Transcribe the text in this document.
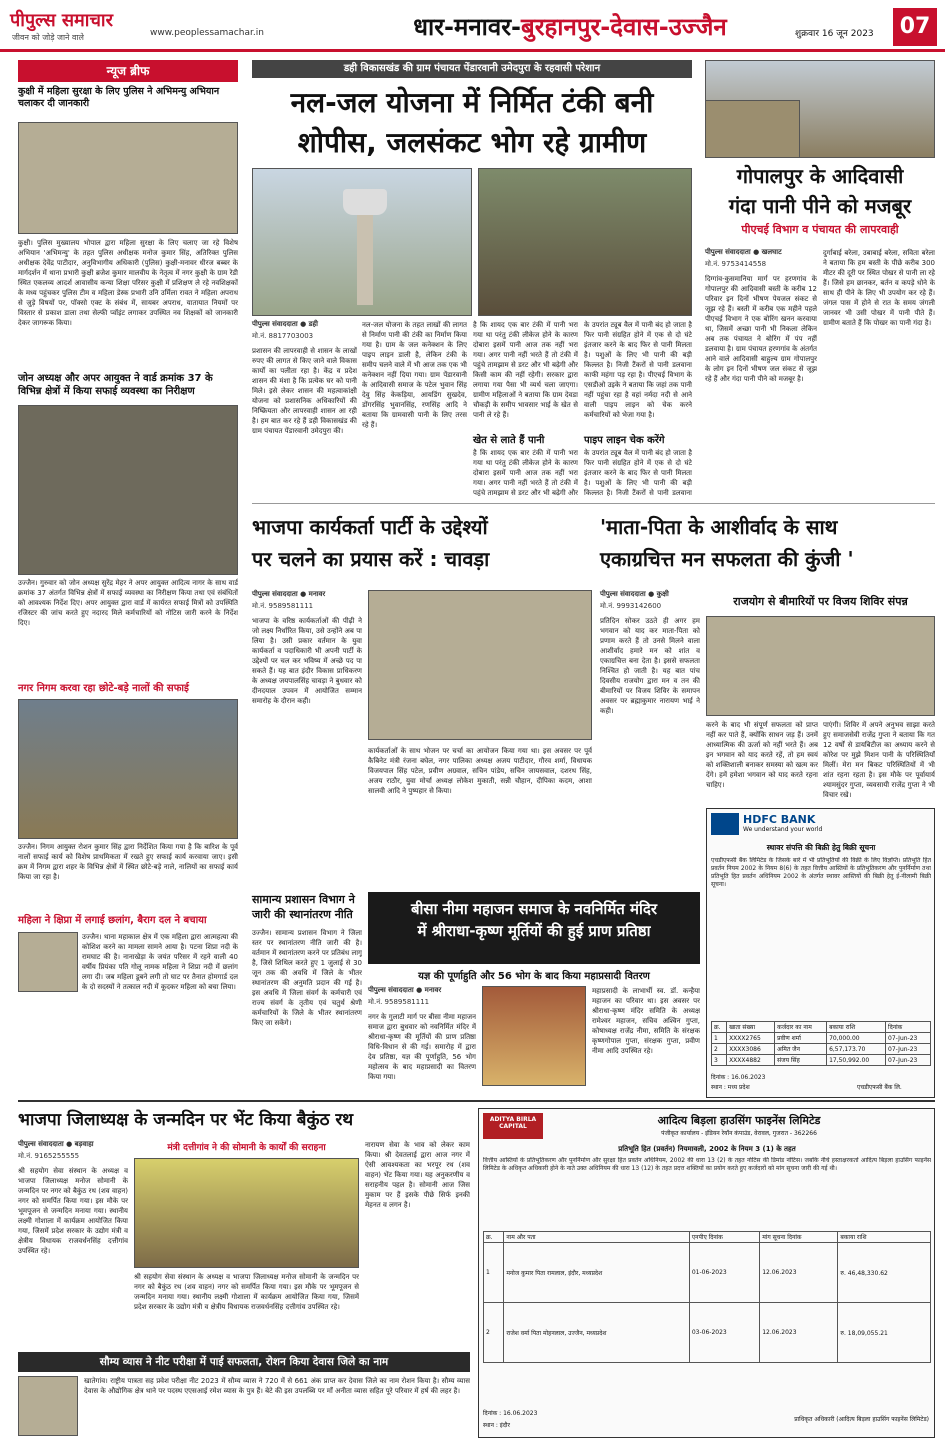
पीपुल्स समाचार
जीवन को जोड़े जाने वाले	www.peoplessamachar.in	धार-मनावर-बुरहानपुर-देवास-उज्जैन	शुक्रवार 16 जून 2023	07
न्यूज ब्रीफ
कुक्षी में महिला सुरक्षा के लिए पुलिस ने अभिमन्यु अभियान चलाकर दी जानकारी
कुक्षी। पुलिस मुख्यालय भोपाल द्वारा महिला सुरक्षा के लिए चलाए जा रहे विशेष अभियान 'अभिमन्यु' के तहत पुलिस अधीक्षक मनोज कुमार सिंह, अतिरिक्त पुलिस अधीक्षक देवेंद्र पाटीदार, अनुविभागीय अधिकारी (पुलिस) कुक्षी-मनावर धीरज बब्बर के मार्गदर्शन में थाना प्रभारी कुक्षी ब्रजेश कुमार मालवीय के नेतृत्व में नगर कुक्षी के ग्राम रेडी स्थित एकलव्य आदर्श आवासीय कन्या शिक्षा परिसर कुक्षी में प्रशिक्षण ले रहे नवशिक्षकों के मध्य पहुंचकर पुलिस टीम व महिला डेस्क प्रभारी उनि उर्मिला रावत ने महिला अपराध से जुड़े विषयों पर, पॉक्सो एक्ट के संबंध में, सायबर अपराध, यातायात नियमों पर विस्तार से प्रकाश डाला तथा सेल्फी प्वॉइंट लगाकर उपस्थित नव शिक्षकों को जानकारी देकर जागरूक किया।
जोन अध्यक्ष और अपर आयुक्त ने वार्ड क्रमांक 37 के विभिन्न क्षेत्रों में किया सफाई व्यवस्था का निरीक्षण
उज्जैन। गुरुवार को जोन अध्यक्ष सुरेंद्र मेहर ने अपर आयुक्त आदित्य नागर के साथ वार्ड क्रमांक 37 अंतर्गत विभिन्न क्षेत्रों में सफाई व्यवस्था का निरीक्षण किया तथा एवं संबंधितों को आवश्यक निर्देश दिए। अपर आयुक्त द्वारा वार्ड में कार्यरत सफाई मित्रों को उपस्थिति रजिस्टर की जांच करते हुए नदारद मिले कर्मचारियों को नोटिस जारी करने के निर्देश दिए।
नगर निगम करवा रहा छोटे-बड़े नालों की सफाई
उज्जैन। निगम आयुक्त रोशन कुमार सिंह द्वारा निर्देशित किया गया है कि बारिश के पूर्व नालों सफाई कार्य को विशेष प्राथमिकता में रखते हुए सफाई कार्य करवाया जाए। इसी क्रम में निगम द्वारा शहर के विभिन्न क्षेत्रों में स्थित छोटे-बड़े नाले, नालियों का सफाई कार्य किया जा रहा है।
महिला ने क्षिप्रा में लगाई छलांग, बैराग दल ने बचाया
उज्जैन। थाना महाकाल क्षेत्र में एक महिला द्वारा आत्महत्या की कोशिश करने का मामला सामने आया है। पटना शिप्रा नदी के रामघाट की है। नानाखेड़ा के जयंत परिसर में रहने वाली 40 वर्षीय प्रियंका पति गोलू नामक महिला ने शिप्रा नदी में छलांग लगा दी। जब महिला डूबने लगी तो घाट पर तैनात होमगार्ड दल के दो सदस्यों ने तत्काल नदी में कूदकर महिला को बचा लिया।
डही विकासखंड की ग्राम पंचायत पेंडारवानी उमेदपुरा के रहवासी परेशान
नल-जल योजना में निर्मित टंकी बनी
शोपीस, जलसंकट भोग रहे ग्रामीण
पीपुल्स संवाददाता ● डही
मो.नं. 8817703003
प्रशासन की लापरवाही से शासन के लाखों रुपए की लागत से किए जाने वाले विकास कार्यों का पलीता रहा है। केंद्र व प्रदेश शासन की मंशा है कि प्रत्येक घर को पानी मिले। इसे लेकर शासन की महत्वाकांक्षी योजना को प्रशासनिक अधिकारियों की निष्क्रियता और लापरवाही शासन आ रही है। हम बात कर रहे हैं डही विकासखंड की ग्राम पंचायत पेंडारवानी उमेदपुरा की।
नल-जल योजना के तहत लाखों की लागत से निर्माण पानी की टंकी का निर्माण किया गया है। ग्राम के जल कनेक्शन के लिए पाइप लाइन डाली है, लेकिन टंकी के समीप चलने वाले में भी आज तक एक भी कनेक्शन नहीं दिया गया। ग्राम पेंडारवानी के आदिवासी समाज के पटेल भुवान सिंह देवु सिंह केकड़िया, आयडिंग सुखदेव, डोंगरसिंह भुवानसिंह, रणसिंह आदि ने बताया कि ग्रामवासी पानी के लिए तरस रहे हैं।
है कि शायद एक बार टंकी में पानी भरा गया था परंतु टंकी लीकेज होने के कारण दोबारा इसमें पानी आज तक नहीं भरा गया। अगर पानी नहीं भरते हैं तो टंकी में पहुंचे तामझाम से डरट और भी बढ़ेगी और किसी काम की नहीं रहेगी। सरकार द्वारा लगाया गया पैसा भी व्यर्थ चला जाएगा। ग्रामीण महिलाओं ने बताया कि ग्राम देवडा चौकड़ी के समीप भावसार भाई के खेत से पानी ले रहे हैं।
खेत से लाते हैं पानी
है कि शायद एक बार टंकी में पानी भरा गया था परंतु टंकी लीकेज होने के कारण दोबारा इसमें पानी आज तक नहीं भरा गया। अगर पानी नहीं भरते हैं तो टंकी में पहुंचे तामझाम से डरट और भी बढ़ेगी और
के उपरांत ट्यूब वैल में पानी बंद हो जाता है फिर पानी संग्रहित होने में एक से दो घंटे इंतजार करने के बाद फिर से पानी मिलता है। पशुओं के लिए भी पानी की बड़ी किल्लत है। निजी टैंकरों से पानी डलवाना काफी महंगा पड़ रहा है। पीएचई विभाग के एसडीओ उइके ने बताया कि जहां तक पानी नहीं पहुंचा रहा है वहां नर्मदा नदी से आने वाली पाइप लाइन को चेक करने कर्मचारियों को भेजा गया है।
पाइप लाइन चेक करेंगे
के उपरांत ट्यूब वैल में पानी बंद हो जाता है फिर पानी संग्रहित होने में एक से दो घंटे इंतजार करने के बाद फिर से पानी मिलता है। पशुओं के लिए भी पानी की बड़ी किल्लत है। निजी टैंकरों से पानी डलवाना
गोपालपुर के आदिवासी
गंदा पानी पीने को मजबूर
पीएचई विभाग व पंचायत की लापरवाही
पीपुल्स संवाददाता ● खलघाट
मो.नं. 9753414558
दिग्गांव-कुसमानिया मार्ग पर हरणगांव के गोपालपुर की आदिवासी बस्ती के करीब 12 परिवार इन दिनों भीषण पेयजल संकट से जूझ रहे हैं। बस्ती में करीब एक महीने पहले पीएचई विभाग ने एक बोरिंग खनन करवाया था, जिसमें अच्छा पानी भी निकला लेकिन अब तक पंचायत ने बोरिंग में पंप नहीं डलवाया है। ग्राम पंचायत हरणगांव के अंतर्गत आने वाले आदिवासी बाहुल्य ग्राम गोपालपुर के लोग इन दिनों भीषण जल संकट से जूझ रहे हैं और गंदा पानी पीने को मजबूर है।
दुर्गाबाई बरेला, उबाबाई बरेला, सविता बरेला ने बताया कि हम बस्ती के पीछे करीब 300 मीटर की दूरी पर स्थित पोखर से पानी ला रहे हैं। जिसे हम छानकर, बर्तन व कपड़े धोने के साथ ही पीने के लिए भी उपयोग कर रहे हैं। जंगल पास में होने से रात के समय जंगली जानवर भी उसी पोखर में पानी पीते हैं। ग्रामीण बताते हैं कि पोखर का पानी गंदा है।
भाजपा कार्यकर्ता पार्टी के उद्देश्यों
पर चलने का प्रयास करें : चावड़ा
पीपुल्स संवाददाता ● मनावर
मो.नं. 9589581111
भाजपा के वरिष्ठ कार्यकर्ताओं की पीढ़ी ने जो लक्ष्य निर्धारित किया, उसे उन्होंने अब पा लिया है। उसी प्रकार वर्तमान के युवा कार्यकर्ता व पदाधिकारी भी अपनी पार्टी के उद्देश्यों पर चल कर भविष्य में अच्छे पद पा सकते हैं। यह बात इंदौर विकास प्राधिकरण के अध्यक्ष जयपालसिंह चावड़ा ने बुधवार को दीनदयाल उपवन में आयोजित सम्मान समारोह के दौरान कही।
कार्यकर्ताओं के साथ भोजन पर चर्चा का आयोजन किया गया था। इस अवसर पर पूर्व कैबिनेट मंत्री रंजना बघेल, नगर पालिका अध्यक्ष अजय पाटीदार, गौरव शर्मा, विधायक विजयपाल सिंह पटेल, प्रवीण अग्रवाल, सचिन पांडेय, सचिन जायसवाल, दशरथ सिंह, अजय राठौर, युवा मोर्चा अध्यक्ष लोकेश मुकाती, सन्नी चौहान, दीपिका कदम, आशा सालवी आदि ने पुष्पहार से किया।
'माता-पिता के आशीर्वाद के साथ
एकाग्रचित्त मन सफलता की कुंजी '
पीपुल्स संवाददाता ● कुक्षी
मो.नं. 9993142600
प्रतिदिन सोकर उठते ही अगर हम भगवान को याद कर माता-पिता को प्रणाम करते हैं तो उनसे मिलने वाला आशीर्वाद हमारे मन को शांत व एकाग्रचित्त बना देता है। इससे सफलता निश्चित हो जाती है। यह बात पांच दिवसीय राजयोग द्वारा मन व तन की बीमारियों पर विजय शिविर के समापन अवसर पर ब्रह्माकुमार नारायण भाई ने कही।
राजयोग से बीमारियों पर विजय शिविर संपन्न
करने के बाद भी संपूर्ण सफलता को प्राप्त नहीं कर पाते हैं, क्योंकि साधन जड़ हैं। उनमें आध्यात्मिक की ऊर्जा को नहीं भरते हैं। अब इन भगवान को याद करते रहें, तो हम स्वयं को शक्तिशाली बनाकर समस्या को खत्म कर देंगे। हमें हमेशा भगवान को याद करते रहना चाहिए।
पाएंगी। शिविर में अपने अनुभव साझा करते हुए समाजसेवी राजेंद्र गुप्ता ने बताया कि गत 12 वर्षों से डायबिटीज का अध्याय करने से कोरेश पर मुझे मिशन पानी के परिस्थितियाँ मिलीं। मेरा मन बिकट परिस्थितियों में भी शांत रहना रहता है। इस मौके पर पूर्वायार्य श्यामसुंदर गुप्ता, व्यवसायी राजेंद्र गुप्ता ने भी विचार रखे।
सामान्य प्रशासन विभाग ने
जारी की स्थानांतरण नीति
उज्जैन। सामान्य प्रशासन विभाग ने जिला स्तर पर स्थानांतरण नीति जारी की है। वर्तमान में स्थानांतरण करने पर प्रतिबंध लागू है, जिसे शिथिल करते हुए 1 जुलाई से 30 जून तक की अवधि में जिले के भीतर स्थानांतरण की अनुमति प्रदान की गई है। इस अवधि में जिला संवर्ग के कर्मचारी एवं राज्य संवर्ग के तृतीय एवं चतुर्थ श्रेणी कर्मचारियों के जिले के भीतर स्थानांतरण किए जा सकेंगे।
बीसा नीमा महाजन समाज के नवनिर्मित मंदिर
में श्रीराधा-कृष्ण मूर्तियों की हुई प्राण प्रतिष्ठा
यज्ञ की पूर्णाहुति और 56 भोग के बाद किया महाप्रसादी वितरण
पीपुल्स संवाददाता ● मनावर
मो.नं. 9589581111
नगर के गुलाटी मार्ग पर बीसा नीमा महाजन समाज द्वारा बुधवार को नवनिर्मित मंदिर में श्रीराधा-कृष्ण की मूर्तियों की प्राण प्रतिष्ठा विधि-विधान से की गई। समारोह में द्वारा देव प्रतिष्ठा, यज्ञ की पूर्णाहुति, 56 भोग महोत्सव के बाद महाप्रसादी का वितरण किया गया।
महाप्रसादी के लाभार्थी स्व. डॉ. कन्हैया महाजन का परिवार था। इस अवसर पर श्रीराधा-कृष्ण मंदिर समिति के अध्यक्ष रामेश्वर महाजन, सचिव अश्विन गुप्ता, कोषाध्यक्ष राजेंद्र नीमा, समिति के संरक्षक कृष्णगोपाल गुप्ता, संरक्षक गुप्ता, प्रवीण नीमा आदि उपस्थित रहे।
HDFC BANK
We understand your world
स्थावर संपत्ति की बिक्री हेतु बिक्री सूचना
एचडीएफसी बैंक लिमिटेड के जिसके बारे में भी प्रतिभूतियों की विक्री के लिए विज्ञप्ति। प्रतिभूति हित प्रवर्तन नियम 2002 के नियम 8(6) के तहत वित्तीय आस्तियों के प्रतिभूतिकरण और पुनर्निर्माण तथा प्रतिभूति हित प्रवर्तन अधिनियम 2002 के अंतर्गत स्थावर आस्तियों की बिक्री हेतु ई-नीलामी बिक्री सूचना।
क्र.	खाता संख्या	कर्जदार का नाम	बकाया राशि	दिनांक
1	XXXX2765	प्रवीण शर्मा	70,000.00	07-Jun-23
2	XXXX3086	अमित जैन	6,57,173.70	07-Jun-23
3	XXXX4882	संजय सिंह	17,50,992.00	07-Jun-23
दिनांक : 16.06.2023
स्थान : मध्य प्रदेश	एचडीएफसी बैंक लि.
भाजपा जिलाध्यक्ष के जन्मदिन पर भेंट किया बैकुंठ रथ
पीपुल्स संवाददाता ● बड़वाहा
मो.नं. 9165255555
श्री सहयोग सेवा संस्थान के अध्यक्ष व भाजपा जिलाध्यक्ष मनोज सोमानी के जन्मदिन पर नगर को बैकुंठ रथ (शव वाहन) नगर को समर्पित किया गया। इस मौके पर भूमपूजन से जन्मदिन मनाया गया। स्थानीय लक्ष्मी गोशाला में कार्यक्रम आयोजित किया गया, जिसमें प्रदेश सरकार के उद्योग मंत्री व क्षेत्रीय विधायक राजवर्धनसिंह दत्तीगांव उपस्थित रहे।
मंत्री दत्तीगांव ने की सोमानी के कार्यों की सराहना
श्री सहयोग सेवा संस्थान के अध्यक्ष व भाजपा जिलाध्यक्ष मनोज सोमानी के जन्मदिन पर नगर को बैकुंठ रथ (शव वाहन) नगर को समर्पित किया गया। इस मौके पर भूमपूजन से जन्मदिन मनाया गया। स्थानीय लक्ष्मी गोशाला में कार्यक्रम आयोजित किया गया, जिसमें प्रदेश सरकार के उद्योग मंत्री व क्षेत्रीय विधायक राजवर्धनसिंह दत्तीगांव उपस्थित रहे।
नारायण सेवा के भाव को लेकर काम किया। श्री देवतलाई द्वारा आज नगर में ऐसी आवश्यकता का भरपूर रथ (शव वाहन) भेंट किया गया। यह अनुकरणीय व सराहनीय पहल है। सोमानी आज जिस मुकाम पर हैं इसके पीछे सिर्फ इनकी मेहनत व लगन है।
सौम्य व्यास ने नीट परीक्षा में पाई सफलता, रोशन किया देवास जिले का नाम
खातेगांव। राष्ट्रीय पात्रता सह प्रवेश परीक्षा नीट 2023 में सौम्य व्यास ने 720 में से 661 अंक प्राप्त कर देवास जिले का नाम रोशन किया है। सौम्य व्यास देवास के औद्योगिक क्षेत्र थाने पर पदस्थ एएसआई रमेश व्यास के पुत्र हैं। बेटे की इस उपलब्धि पर माँ अनीता व्यास सहित पूरे परिवार में हर्ष की लहर है।
ADITYA BIRLA
CAPITAL	आदित्य बिड़ला हाउसिंग फाइनेंस लिमिटेड
पंजीकृत कार्यालय - इंडियन रेयॉन कंपाउंड, वेरावल, गुजरात - 362266
प्रतिभूति हित (प्रवर्तन) नियमावली, 2002 के नियम 3 (1) के तहत
वित्तीय आस्तियों के प्रतिभूतिकरण और पुनर्निर्माण और सुरक्षा हित प्रवर्तन अधिनियम, 2002 की धारा 13 (2) के तहत नोटिस की डिमांड नोटिस। जबकि नीचे हस्ताक्षरकर्ता आदित्य बिड़ला हाउसिंग फाइनेंस लिमिटेड के अधिकृत अधिकारी होने के नाते उक्त अधिनियम की धारा 13 (12) के तहत प्रदत्त शक्तियों का प्रयोग करते हुए कर्जदारों को मांग सूचना जारी की गई थी।
क्र.	नाम और पता	एनपीए दिनांक	मांग सूचना दिनांक	बकाया राशि
1	मनोज कुमार पिता रामलाल, इंदौर, मध्यप्रदेश	01-06-2023	12.06.2023	रु. 46,48,330.62
2	राजेश वर्मा पिता मोहनलाल, उज्जैन, मध्यप्रदेश	03-06-2023	12.06.2023	रु. 18,09,055.21
दिनांक : 16.06.2023
स्थान : इंदौर
प्राधिकृत अधिकारी (आदित्य बिड़ला हाउसिंग फाइनेंस लिमिटेड)
